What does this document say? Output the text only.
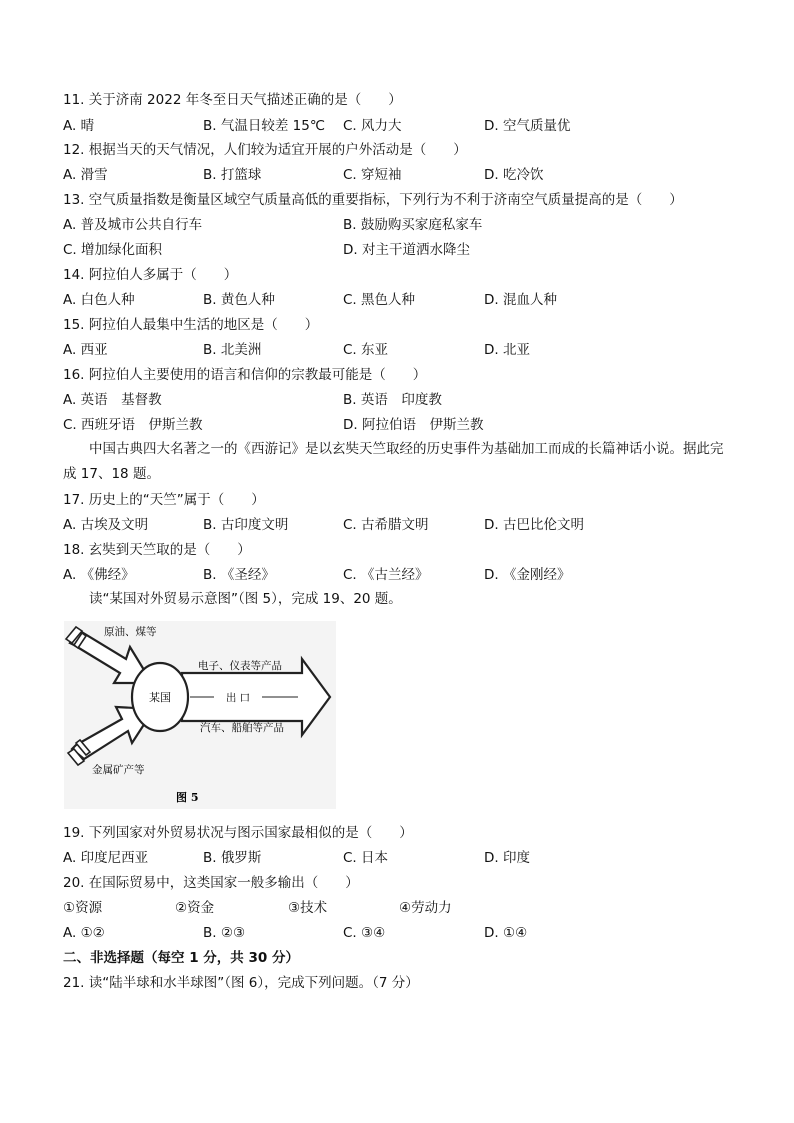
11. 关于济南 2022 年冬至日天气描述正确的是（　　）
A. 晴	B. 气温日较差 15℃ C. 风力大	D. 空气质量优
12. 根据当天的天气情况，人们较为适宜开展的户外活动是（　　）
A. 滑雪	B. 打篮球	C. 穿短袖	D. 吃冷饮
13. 空气质量指数是衡量区域空气质量高低的重要指标，下列行为不利于济南空气质量提高的是（　　）
A. 普及城市公共自行车	B. 鼓励购买家庭私家车
C. 增加绿化面积	D. 对主干道洒水降尘
14. 阿拉伯人多属于（　　）
A. 白色人种	B. 黄色人种	C. 黑色人种	D. 混血人种
15. 阿拉伯人最集中生活的地区是（　　）
A. 西亚	B. 北美洲	C. 东亚	D. 北亚
16. 阿拉伯人主要使用的语言和信仰的宗教最可能是（　　）
A. 英语　基督教	B. 英语　印度教
C. 西班牙语　伊斯兰教	D. 阿拉伯语　伊斯兰教
中国古典四大名著之一的《西游记》是以玄奘天竺取经的历史事件为基础加工而成的长篇神话小说。据此完成 17、18 题。
17. 历史上的“天竺”属于（　　）
A. 古埃及文明	B. 古印度文明	C. 古希腊文明	D. 古巴比伦文明
18. 玄奘到天竺取的是（　　）
A. 《佛经》	B. 《圣经》	C. 《古兰经》	D. 《金刚经》
读“某国对外贸易示意图”（图 5），完成 19、20 题。
某国
原油、煤等
电子、仪表等产品
出 口
汽车、船舶等产品
金属矿产等
图 5
19. 下列国家对外贸易状况与图示国家最相似的是（　　）
A. 印度尼西亚	B. 俄罗斯	C. 日本	D. 印度
20. 在国际贸易中，这类国家一般多输出（　　）
①资源	②资金	③技术	④劳动力
A. ①②	B. ②③	C. ③④	D. ①④
二、非选择题（每空 1 分，共 30 分）
21. 读“陆半球和水半球图”（图 6），完成下列问题。（7 分）
